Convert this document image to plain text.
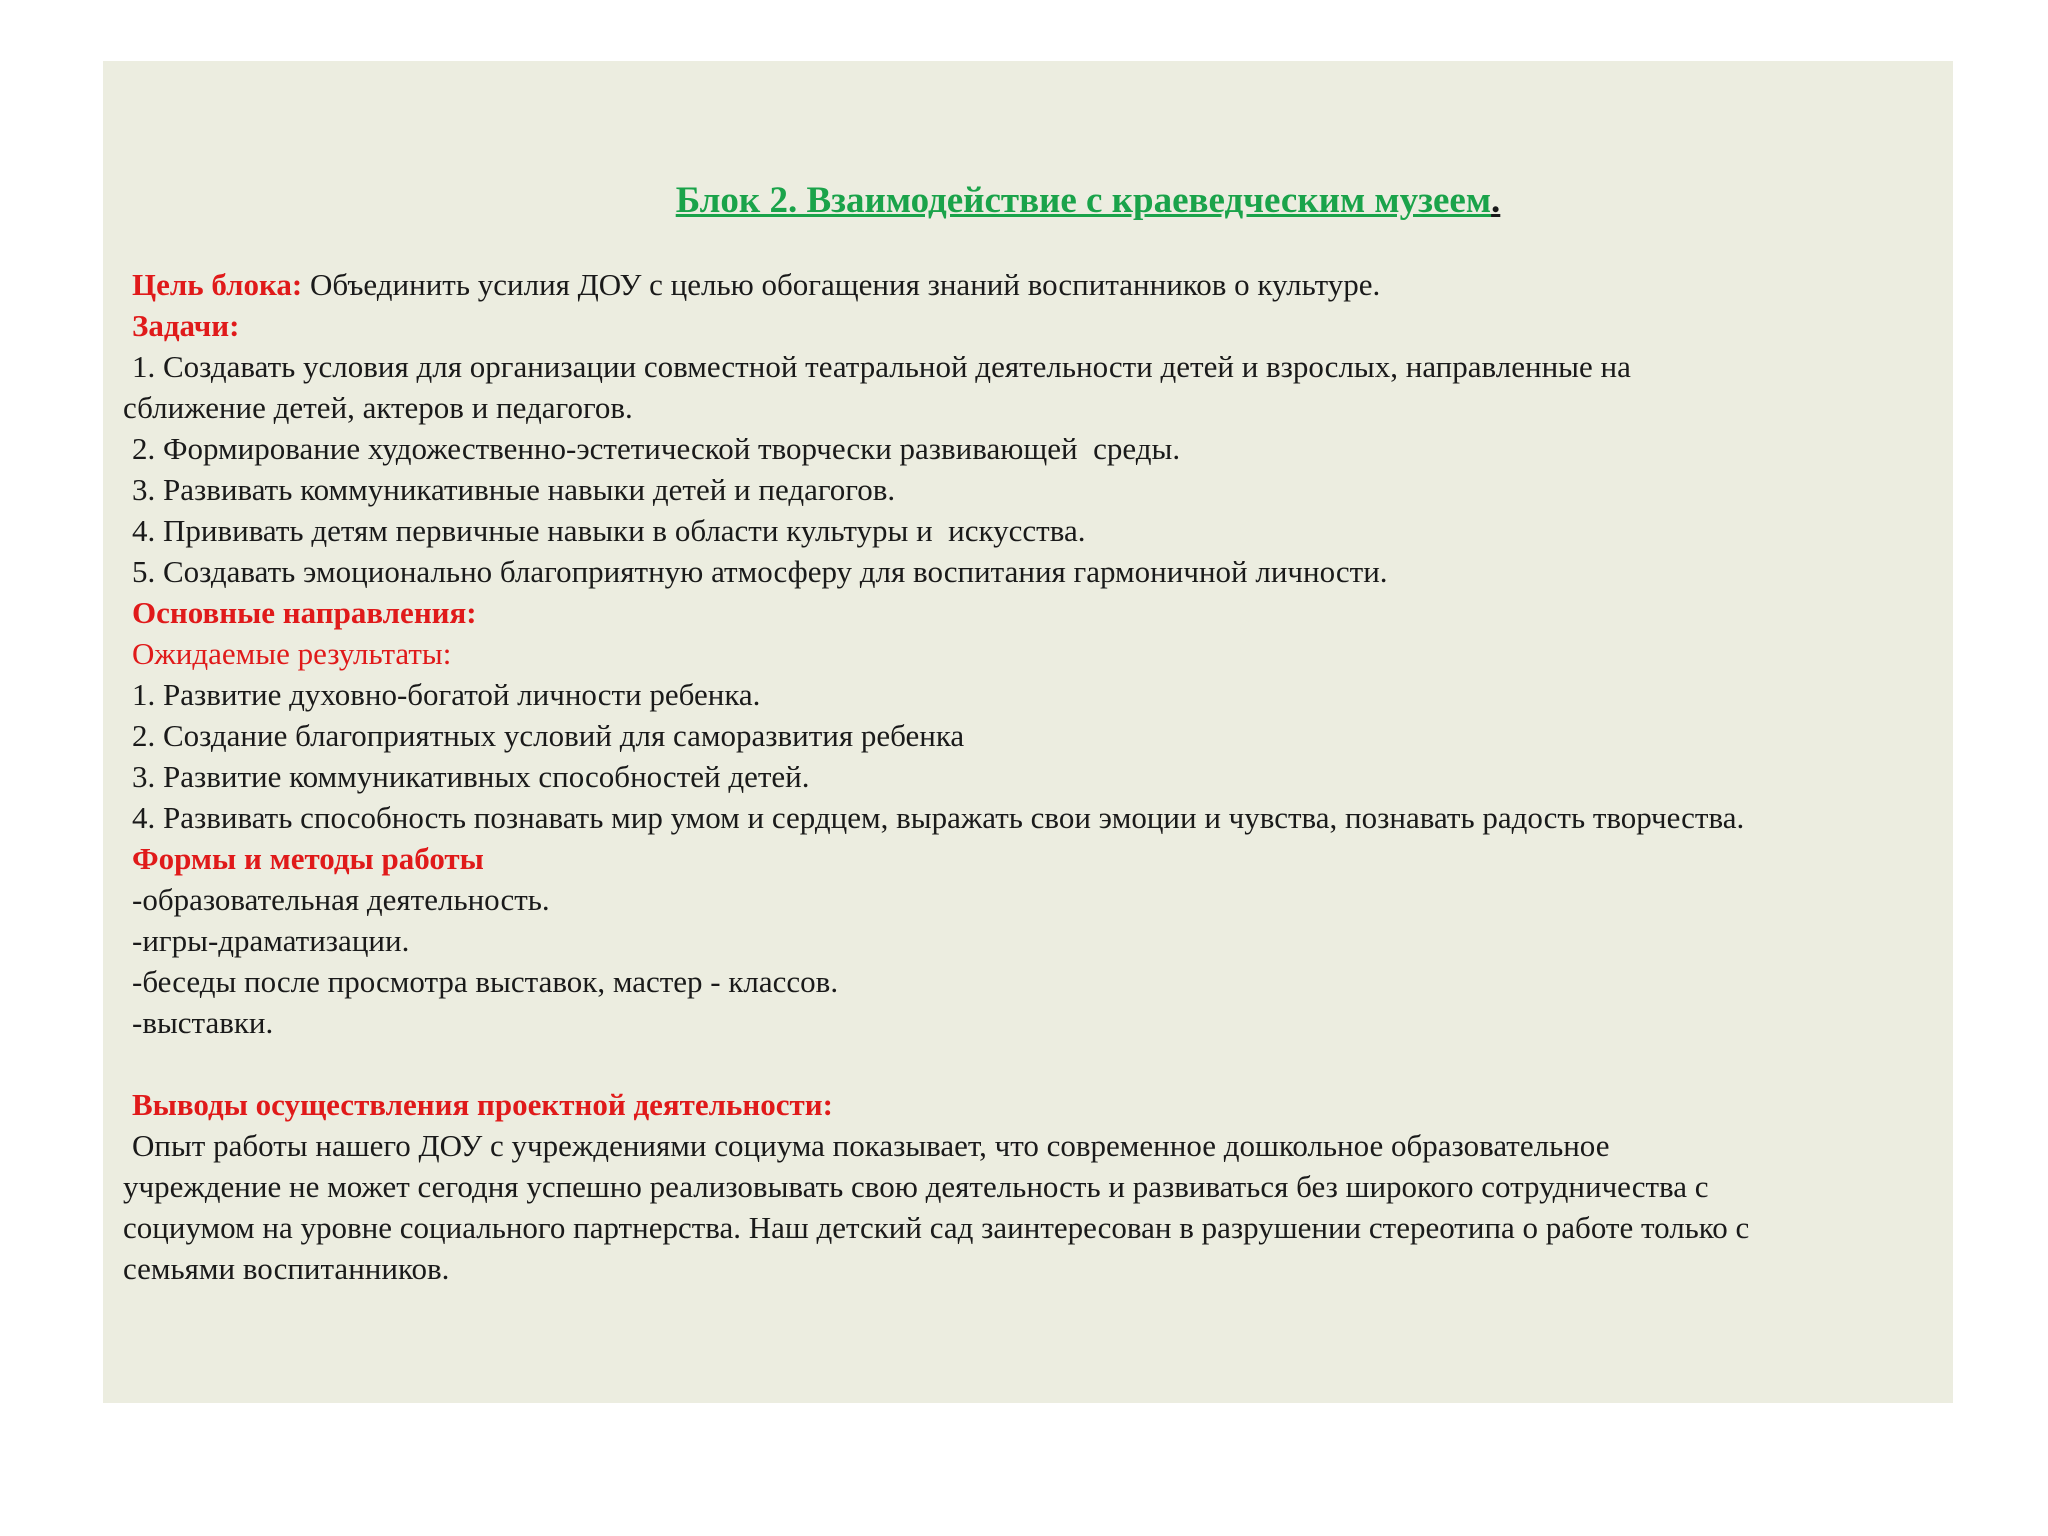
Блок 2. Взаимодействие с краеведческим музеем.
Цель блока: Объединить усилия ДОУ с целью обогащения знаний воспитанников о культуре.
Задачи:
1. Создавать условия для организации совместной театральной деятельности детей и взрослых, направленные на
сближение детей, актеров и педагогов.
2. Формирование художественно-эстетической творчески развивающей  среды.
3. Развивать коммуникативные навыки детей и педагогов.
4. Прививать детям первичные навыки в области культуры и  искусства.
5. Создавать эмоционально благоприятную атмосферу для воспитания гармоничной личности.
Основные направления:
Ожидаемые результаты:
1. Развитие духовно-богатой личности ребенка.
2. Создание благоприятных условий для саморазвития ребенка
3. Развитие коммуникативных способностей детей.
4. Развивать способность познавать мир умом и сердцем, выражать свои эмоции и чувства, познавать радость творчества.
Формы и методы работы
-образовательная деятельность.
-игры-драматизации.
-беседы после просмотра выставок, мастер - классов.
-выставки.
Выводы осуществления проектной деятельности:
Опыт работы нашего ДОУ с учреждениями социума показывает, что современное дошкольное образовательное
учреждение не может сегодня успешно реализовывать свою деятельность и развиваться без широкого сотрудничества с
социумом на уровне социального партнерства. Наш детский сад заинтересован в разрушении стереотипа о работе только с
семьями воспитанников.
